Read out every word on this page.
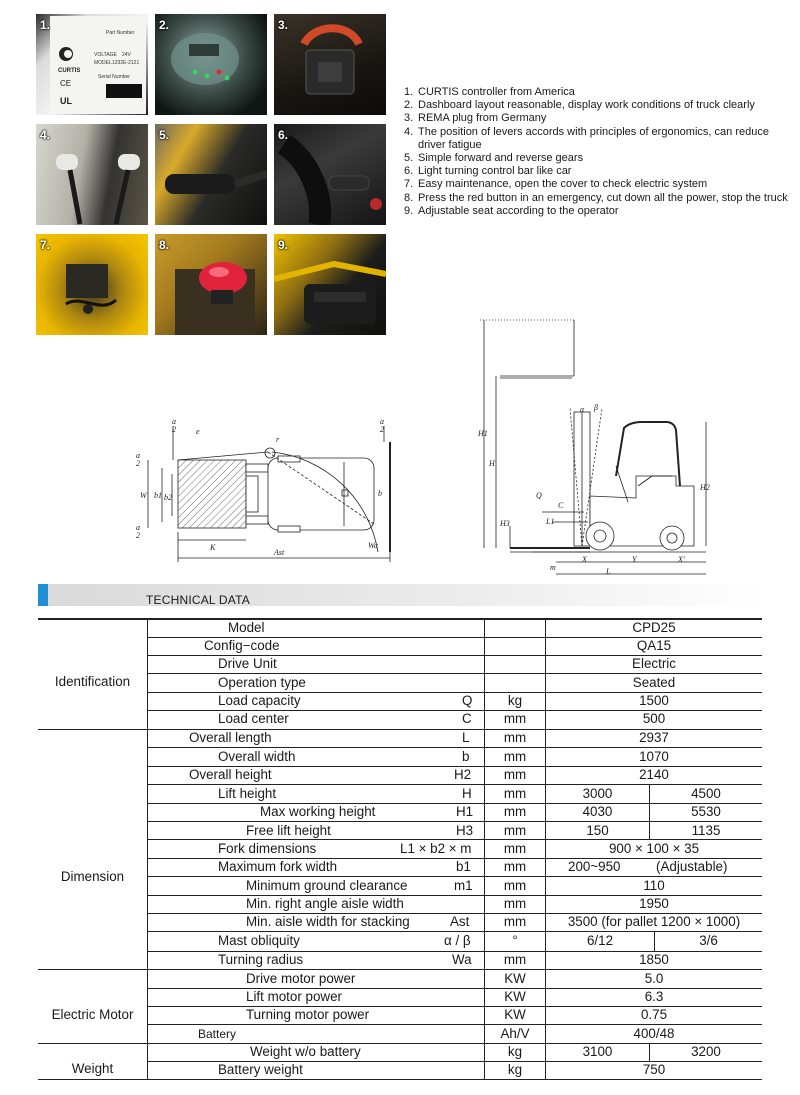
Part Number
CURTIS
CE
VOLTAGE 24V
MODEL 1232E-2121
Serial Number
UL
1.	2.	3.
4.	5.	6.
7.	8.	9.
1. CURTIS controller from America
2. Dashboard layout reasonable, display work conditions of truck clearly
3. REMA plug from Germany
4. The position of levers accords with principles of ergonomics, can reduce driver fatigue
5. Simple forward and reverse gears
6. Light turning control bar like car
7. Easy maintenance, open the cover to check electric system
8. Press the red button in an emergency, cut down all the power, stop the truck
9. Adjustable seat according to the operator
a
2	e
r
a
2
a
2
W b1 b2	b
a
2
K
Ast
Wa
H1
H
H2
H3
α β
Q
C
L1
m
X	Y
L
X'
TECHNICAL DATA
Identification
Dimension
Electric Motor
Weight
Model	CPD25
Config−code	QA15
Drive Unit	Electric
Operation type	Seated
Load capacity	Q	kg	1500
Load center	C	mm	500
Overall length	L	mm	2937
Overall width	b	mm	1070
Overall height	H2	mm	2140
Lift height	H	mm	3000	4500
Max working height	H1	mm	4030	5530
Free lift height	H3	mm	150	1135
Fork dimensions	L1 × b2 × m	mm	900 × 100 × 35
Maximum fork width	b1	mm	200~950	(Adjustable)
Minimum ground clearance	m1	mm	110
Min. right angle aisle width	mm	1950
Min. aisle width for stacking	Ast	mm	3500 (for pallet 1200 × 1000)
Mast obliquity	α / β	°	6/12	3/6
Turning radius	Wa	mm	1850
Drive motor power	KW	5.0
Lift motor power	KW	6.3
Turning motor power	KW	0.75
Battery	Ah/V	400/48
Weight w/o battery	kg	3100	3200
Battery weight	kg	750
